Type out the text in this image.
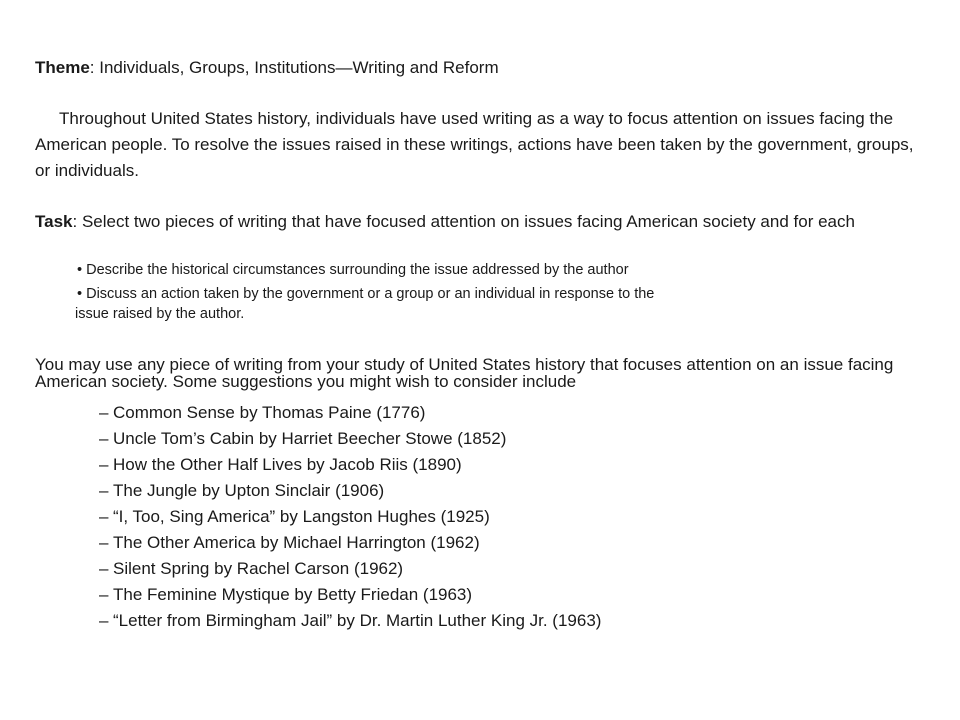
Theme: Individuals, Groups, Institutions—Writing and Reform

Throughout United States history, individuals have used writing as a way to focus attention on issues facing the American people. To resolve the issues raised in these writings, actions have been taken by the government, groups, or individuals.

Task: Select two pieces of writing that have focused attention on issues facing American society and for each

• Describe the historical circumstances surrounding the issue addressed by the author
• Discuss an action taken by the government or a group or an individual in response to the
issue raised by the author.

You may use any piece of writing from your study of United States history that focuses attention on an issue facing American society. Some suggestions you might wish to consider include

– Common Sense by Thomas Paine (1776)
– Uncle Tom’s Cabin by Harriet Beecher Stowe (1852)
– How the Other Half Lives by Jacob Riis (1890)
– The Jungle by Upton Sinclair (1906)
– “I, Too, Sing America” by Langston Hughes (1925)
– The Other America by Michael Harrington (1962)
– Silent Spring by Rachel Carson (1962)
– The Feminine Mystique by Betty Friedan (1963)
– “Letter from Birmingham Jail” by Dr. Martin Luther King Jr. (1963)
